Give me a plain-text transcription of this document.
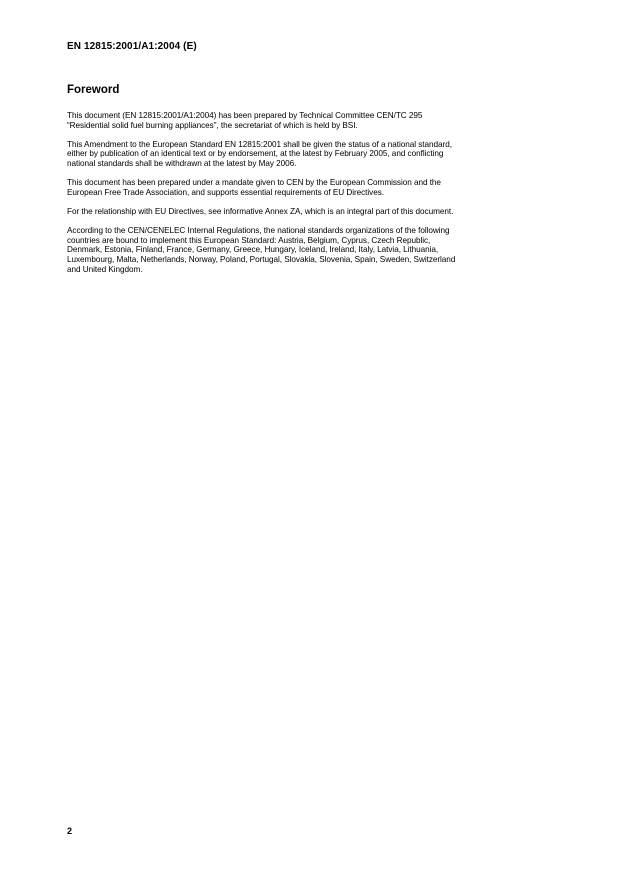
EN 12815:2001/A1:2004 (E)

Foreword

This document (EN 12815:2001/A1:2004) has been prepared by Technical Committee CEN/TC 295
“Residential solid fuel burning appliances”, the secretariat of which is held by BSI.

This Amendment to the European Standard EN 12815:2001 shall be given the status of a national standard,
either by publication of an identical text or by endorsement, at the latest by February 2005, and conflicting
national standards shall be withdrawn at the latest by May 2006.

This document has been prepared under a mandate given to CEN by the European Commission and the
European Free Trade Association, and supports essential requirements of EU Directives.

For the relationship with EU Directives, see informative Annex ZA, which is an integral part of this document.

According to the CEN/CENELEC Internal Regulations, the national standards organizations of the following
countries are bound to implement this European Standard: Austria, Belgium, Cyprus, Czech Republic,
Denmark, Estonia, Finland, France, Germany, Greece, Hungary, Iceland, Ireland, Italy, Latvia, Lithuania,
Luxembourg, Malta, Netherlands, Norway, Poland, Portugal, Slovakia, Slovenia, Spain, Sweden, Switzerland
and United Kingdom.

2
